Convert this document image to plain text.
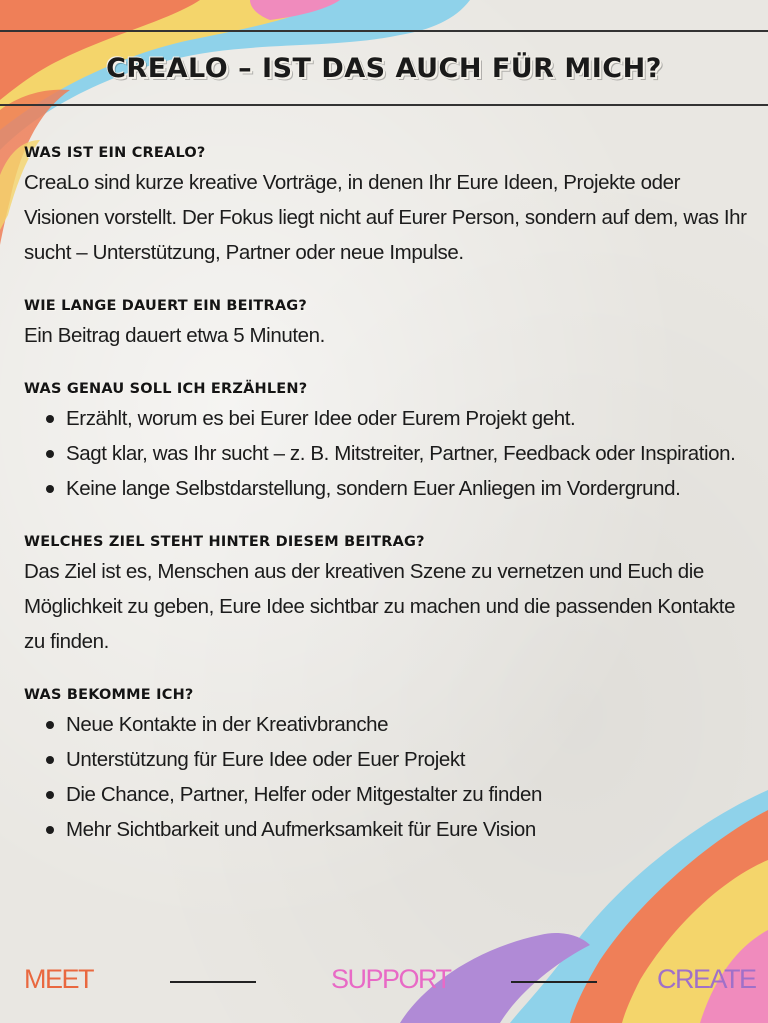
CREALO – IST DAS AUCH FÜR MICH?
WAS IST EIN CREALO?

CreaLo sind kurze kreative Vorträge, in denen Ihr Eure Ideen, Projekte oder Visionen vorstellt. Der Fokus liegt nicht auf Eurer Person, sondern auf dem, was Ihr sucht – Unterstützung, Partner oder neue Impulse.

WIE LANGE DAUERT EIN BEITRAG?

Ein Beitrag dauert etwa 5 Minuten.

WAS GENAU SOLL ICH ERZÄHLEN?
Erzählt, worum es bei Eurer Idee oder Eurem Projekt geht.
Sagt klar, was Ihr sucht – z. B. Mitstreiter, Partner, Feedback oder Inspiration.
Keine lange Selbstdarstellung, sondern Euer Anliegen im Vordergrund.
WELCHES ZIEL STEHT HINTER DIESEM BEITRAG?

Das Ziel ist es, Menschen aus der kreativen Szene zu vernetzen und Euch die Möglichkeit zu geben, Eure Idee sichtbar zu machen und die passenden Kontakte zu finden.

WAS BEKOMME ICH?
Neue Kontakte in der Kreativbranche
Unterstützung für Eure Idee oder Euer Projekt
Die Chance, Partner, Helfer oder Mitgestalter zu finden
Mehr Sichtbarkeit und Aufmerksamkeit für Eure Vision
MEET	SUPPORT	CREATE
